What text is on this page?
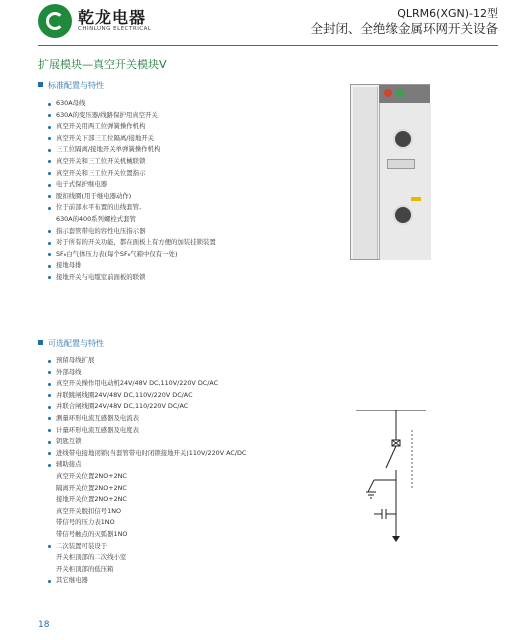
乾龙电器
CHINLUNG ELECTRICAL
QLRM6(XGN)-12型
全封闭、全绝缘金属环网开关设备
扩展模块—真空开关模块V
标准配置与特性
630A母线
630A的变压器/线路保护用真空开关
真空开关用两工位弹簧操作机构
真空开关下部三工位隔离/接地开关
三工位隔离/接地开关单弹簧操作机构
真空开关和三工位开关机械联锁
真空开关和三工位开关位置指示
电子式保护继电器
脱扣线圈(用于继电器动作)
位于前部水平布置的出线套管,
630A的400系列螺栓式套管
指示套管带电的容性电压指示器
对于所有的开关功能，都在面板上有方便的加装挂锁装置
SF₆白气体压力表(每个SF₆气箱中仅有一处)
接地母排
接地开关与电缆室前面板的联锁
可选配置与特性
预留母线扩展
外部母线
真空开关操作用电动机24V/48V DC,110V/220V DC/AC
并联跳闸线圈24V/48V DC,110V/220V DC/AC
并联合闸线圈24V/48V DC,110/220V DC/AC
测量环形电流互感器及电流表
计量环形电流互感器及电度表
钥匙互锁
进线带电接地闭锁(当套管带电时闭锁接地开关)110V/220V AC/DC
辅助接点
真空开关位置2NO+2NC
隔离开关位置2NO+2NC
接地开关位置2NO+2NC
真空开关脱扣信号1NO
带信号的压力表1NO
带信号触点的灭弧器1NO
二次装置可装设于
开关柜顶部的二次线小室
开关柜顶部的低压箱
其它继电器
18
